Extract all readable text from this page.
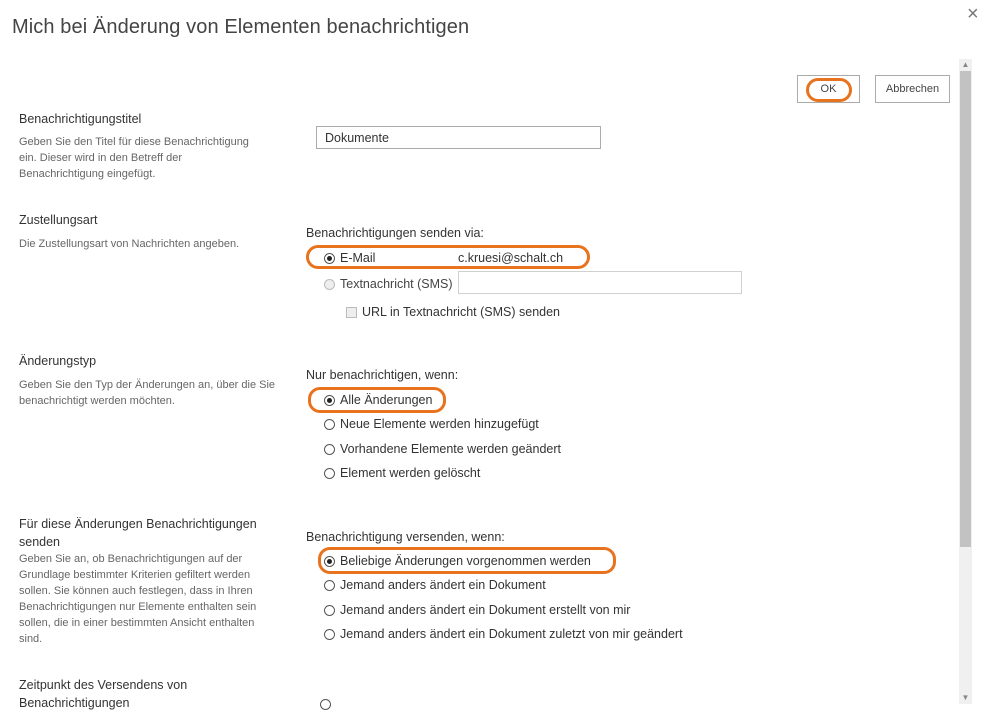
Mich bei Änderung von Elementen benachrichtigen
×
OK	Abbrechen
Benachrichtigungstitel
Geben Sie den Titel für diese Benachrichtigung ein. Dieser wird in den Betreff der Benachrichtigung eingefügt.
Dokumente
Zustellungsart
Die Zustellungsart von Nachrichten angeben.
Benachrichtigungen senden via:
E-Mail	c.kruesi@schalt.ch
Textnachricht (SMS)
URL in Textnachricht (SMS) senden
Änderungstyp
Geben Sie den Typ der Änderungen an, über die Sie benachrichtigt werden möchten.
Nur benachrichtigen, wenn:
Alle Änderungen
Neue Elemente werden hinzugefügt
Vorhandene Elemente werden geändert
Element werden gelöscht
Für diese Änderungen Benachrichtigungen senden
Geben Sie an, ob Benachrichtigungen auf der Grundlage bestimmter Kriterien gefiltert werden sollen. Sie können auch festlegen, dass in Ihren Benachrichtigungen nur Elemente enthalten sein sollen, die in einer bestimmten Ansicht enthalten sind.
Benachrichtigung versenden, wenn:
Beliebige Änderungen vorgenommen werden
Jemand anders ändert ein Dokument
Jemand anders ändert ein Dokument erstellt von mir
Jemand anders ändert ein Dokument zuletzt von mir geändert
Zeitpunkt des Versendens von Benachrichtigungen
▲
▼
